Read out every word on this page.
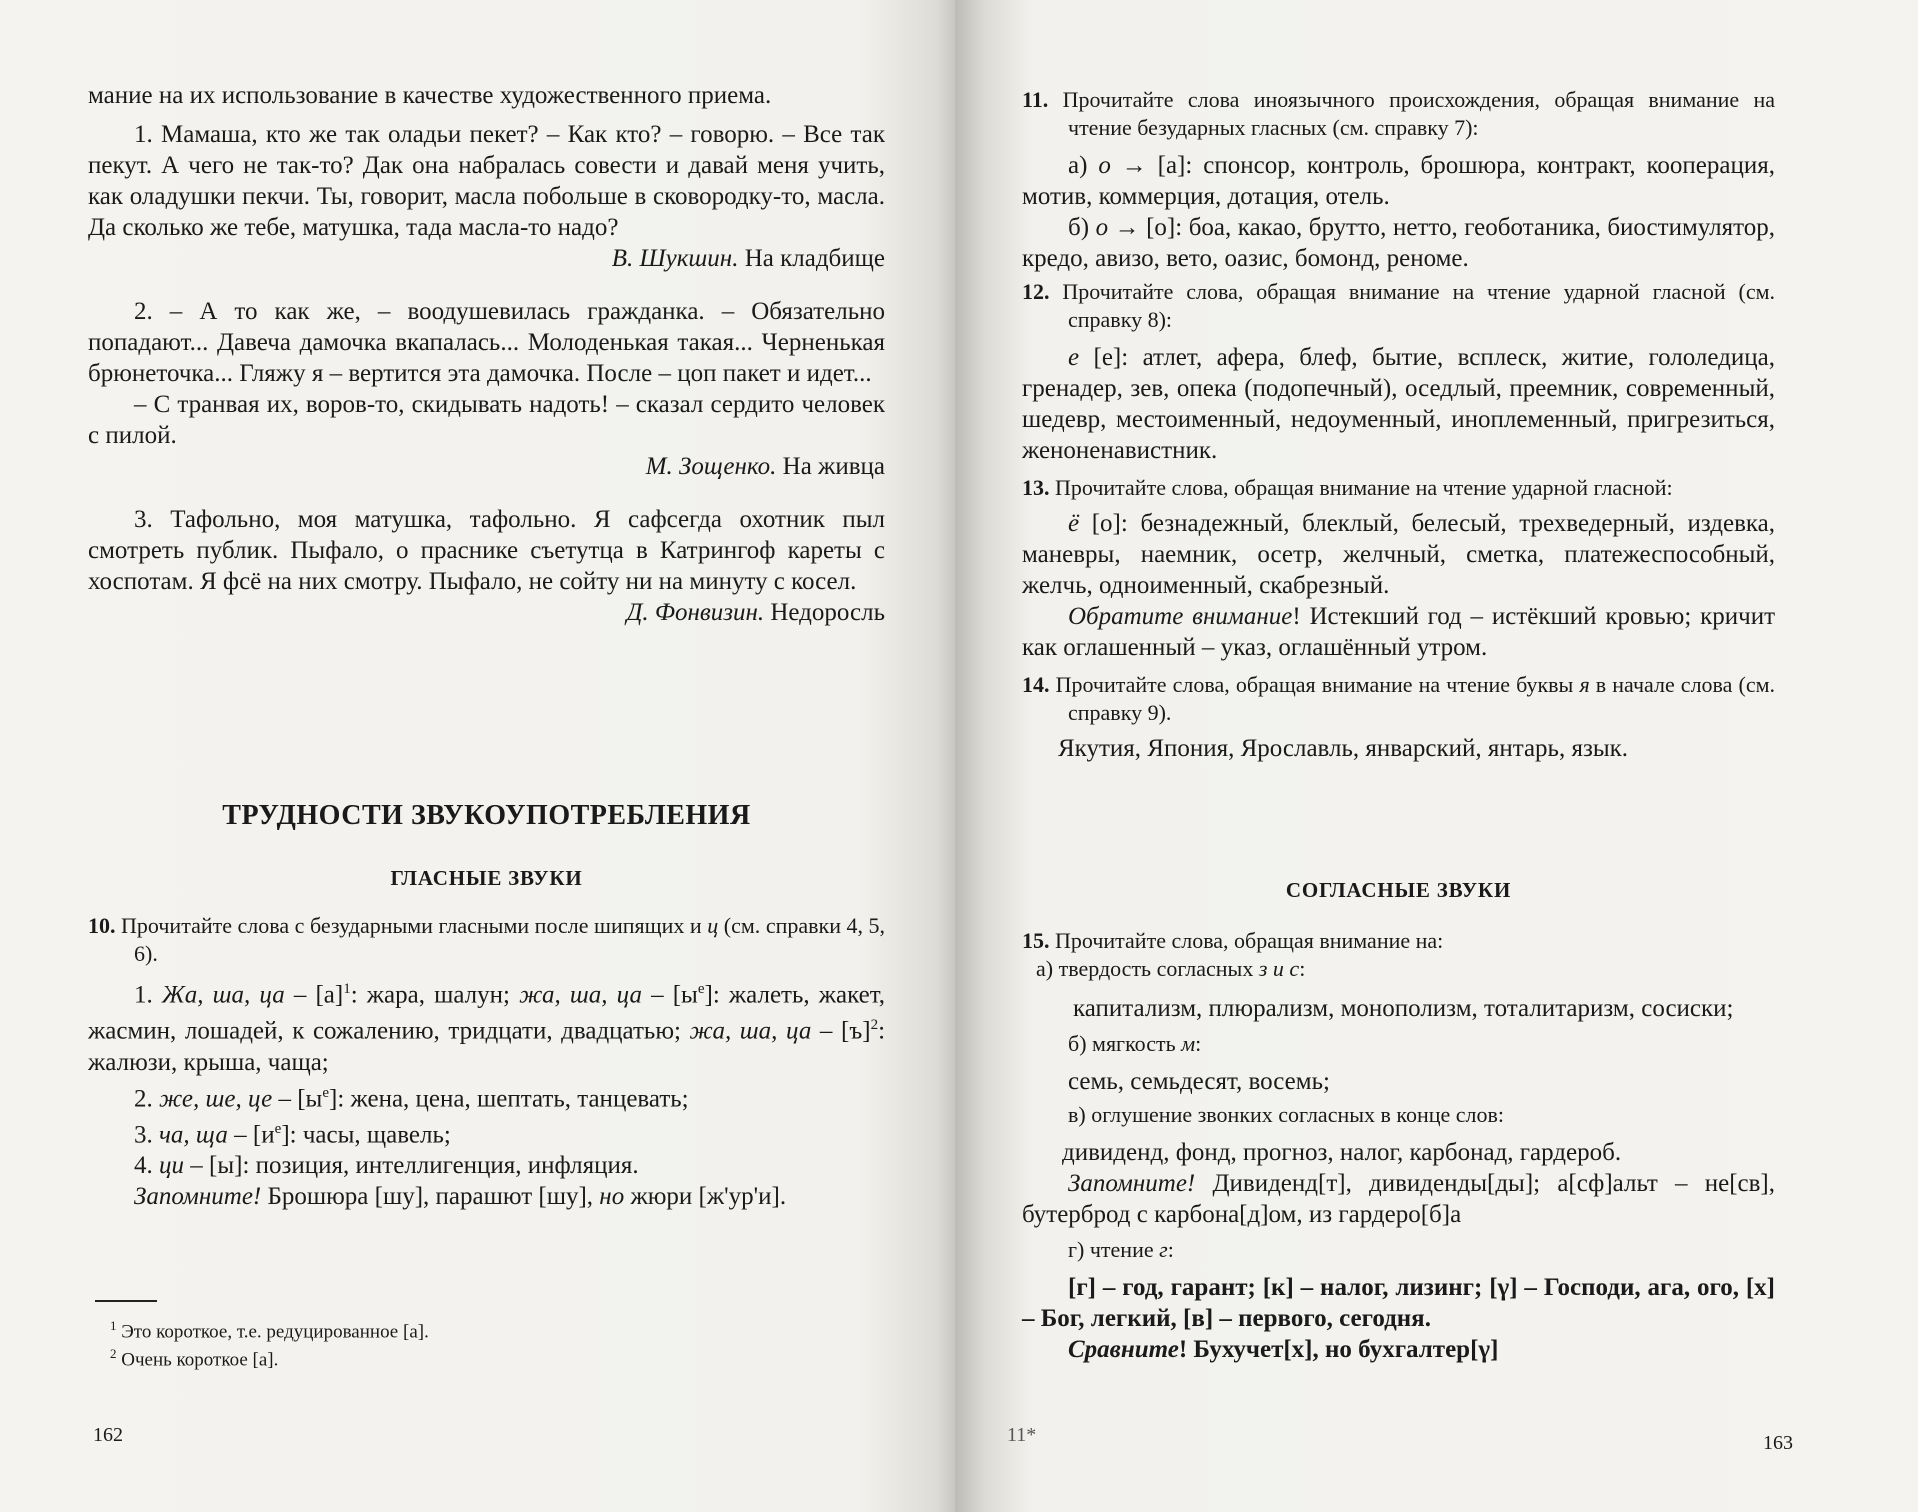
мание на их использование в качестве художественного приема.

1. Мамаша, кто же так оладьи пекет? – Как кто? – говорю. – Все так пекут. А чего не так-то? Дак она набралась совести и давай меня учить, как оладушки пекчи. Ты, говорит, масла побольше в сковородку-то, масла. Да сколько же тебе, матушка, тада масла-то надо?

В. Шукшин. На кладбище

2. – А то как же, – воодушевилась гражданка. – Обязательно попадают... Давеча дамочка вкапалась... Молоденькая такая... Черненькая брюнеточка... Гляжу я – вертится эта дамочка. После – цоп пакет и идет...

– С транвая их, воров-то, скидывать надоть! – сказал сердито человек с пилой.

М. Зощенко. На живца

3. Тафольно, моя матушка, тафольно. Я сафсегда охотник пыл смотреть публик. Пыфало, о праснике съетутца в Катрингоф кареты с хоспотам. Я фсё на них смотру. Пыфало, не сойту ни на минуту с косел.

Д. Фонвизин. Недоросль

ТРУДНОСТИ ЗВУКОУПОТРЕБЛЕНИЯ
ГЛАСНЫЕ ЗВУКИ

10. Прочитайте слова с безударными гласными после шипящих и ц (см. справки 4, 5, 6).

1. Жа, ша, ца – $[а]^1$: жара, шалун; жа, ша, ца – $[ы^е]$: жалеть, жакет, жасмин, лошадей, к сожалению, тридцати, двадцатью; жа, ша, ца – $[ъ]^2$: жалюзи, крыша, чаща;

2. же, ше, це – $[ы^е]$: жена, цена, шептать, танцевать;

3. ча, ща – $[и^е]$: часы, щавель;

4. ци – [ы]: позиция, интеллигенция, инфляция.

Запомните! Брошюра [шу], парашют [шу], но жюри [ж'ур'и].

$^1$ Это короткое, т.е. редуцированное [а].
$^2$ Очень короткое [а].
162

11. Прочитайте слова иноязычного происхождения, обращая внимание на чтение безударных гласных (см. справку 7):

а) о → [а]: спонсор, контроль, брошюра, контракт, кооперация, мотив, коммерция, дотация, отель.

б) о → [о]: боа, какао, брутто, нетто, геоботаника, биостимулятор, кредо, авизо, вето, оазис, бомонд, реноме.

12. Прочитайте слова, обращая внимание на чтение ударной гласной (см. справку 8):

е [е]: атлет, афера, блеф, бытие, всплеск, житие, гололедица, гренадер, зев, опека (подопечный), оседлый, преемник, современный, шедевр, местоименный, недоуменный, иноплеменный, пригрезиться, женоненавистник.

13. Прочитайте слова, обращая внимание на чтение ударной гласной:

ё [о]: безнадежный, блеклый, белесый, трехведерный, издевка, маневры, наемник, осетр, желчный, сметка, платежеспособный, желчь, одноименный, скабрезный.

Обратите внимание! Истекший год – истёкший кровью; кричит как оглашенный – указ, оглашённый утром.

14. Прочитайте слова, обращая внимание на чтение буквы я в начале слова (см. справку 9).

Якутия, Япония, Ярославль, январский, янтарь, язык.

СОГЛАСНЫЕ ЗВУКИ

15. Прочитайте слова, обращая внимание на:

а) твердость согласных з и с:

капитализм, плюрализм, монополизм, тоталитаризм, сосиски;

б) мягкость м:

семь, семьдесят, восемь;

в) оглушение звонких согласных в конце слов:

дивиденд, фонд, прогноз, налог, карбонад, гардероб.

Запомните! Дивиденд[т], дивиденды[ды]; а[сф]альт – не[св], бутерброд с карбона[д]ом, из гардеро[б]а

г) чтение г:

[г] – год, гарант; [к] – налог, лизинг; [γ] – Господи, ага, ого, [х] – Бог, легкий, [в] – первого, сегодня.

Сравните! Бухучет[х], но бухгалтер[γ]

11*	163
